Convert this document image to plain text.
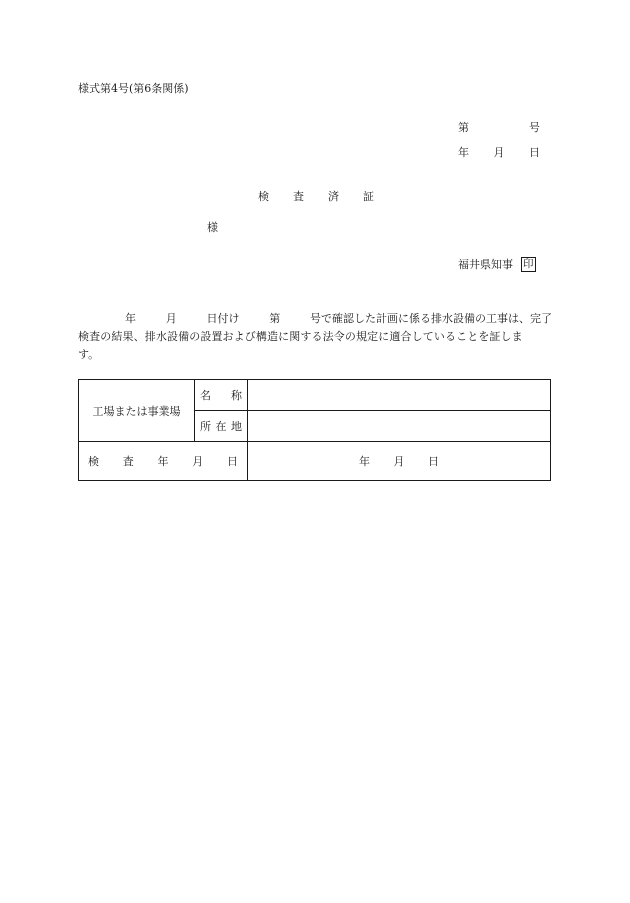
様式第4号(第6条関係)
第	号
年 月 日
検 査 済 証
様
福井県知事 印
年	月	日付け	第	号で確認した計画に係る排水設備の工事は、完了
検査の結果、排水設備の設置および構造に関する法令の規定に適合していることを証しま
す。
工場または事業場	名 称	

	所 在 地	

検 査 年 月 日		年 月 日
